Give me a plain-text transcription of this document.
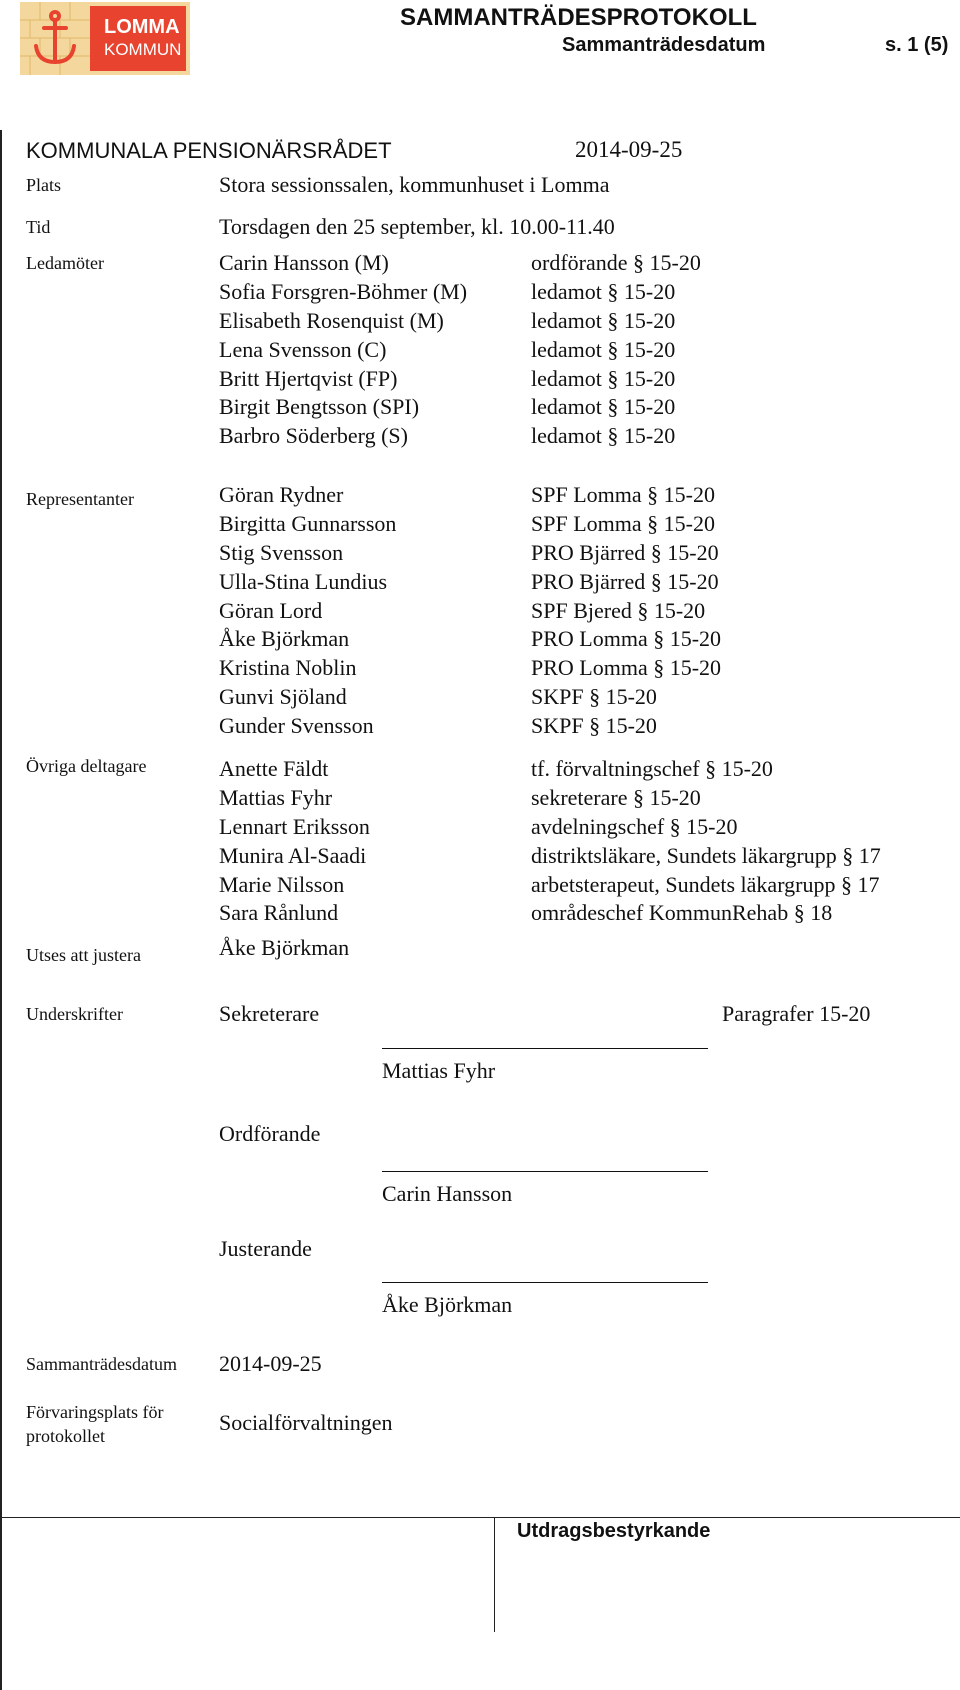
LOMMA
KOMMUN
SAMMANTRÄDESPROTOKOLL
Sammanträdesdatum	s. 1 (5)
KOMMUNALA PENSIONÄRSRÅDET	2014-09-25
Plats	Stora sessionssalen, kommunhuset i Lomma
Tid	Torsdagen den 25 september, kl. 10.00-11.40
Ledamöter	Carin Hansson (M)	ordförande § 15-20
Sofia Forsgren-Böhmer (M)	ledamot § 15-20
Elisabeth Rosenquist (M)	ledamot § 15-20
Lena Svensson (C)	ledamot § 15-20
Britt Hjertqvist (FP)	ledamot § 15-20
Birgit Bengtsson (SPI)	ledamot § 15-20
Barbro Söderberg (S)	ledamot § 15-20
Representanter	Göran Rydner	SPF Lomma § 15-20
Birgitta Gunnarsson	SPF Lomma § 15-20
Stig Svensson	PRO Bjärred § 15-20
Ulla-Stina Lundius	PRO Bjärred § 15-20
Göran Lord	SPF Bjered § 15-20
Åke Björkman	PRO Lomma § 15-20
Kristina Noblin	PRO Lomma § 15-20
Gunvi Sjöland	SKPF § 15-20
Gunder Svensson	SKPF § 15-20
Övriga deltagare	Anette Fäldt	tf. förvaltningschef § 15-20
Mattias Fyhr	sekreterare § 15-20
Lennart Eriksson	avdelningschef § 15-20
Munira Al-Saadi	distriktsläkare, Sundets läkargrupp § 17
Marie Nilsson	arbetsterapeut, Sundets läkargrupp § 17
Sara Rånlund	områdeschef KommunRehab § 18
Utses att justera	Åke Björkman
Underskrifter	Sekreterare	Paragrafer 15-20
Mattias Fyhr
Ordförande
Carin Hansson
Justerande
Åke Björkman
Sammanträdesdatum 2014-09-25
Förvaringsplats för
protokollet
Socialförvaltningen
Utdragsbestyrkande
